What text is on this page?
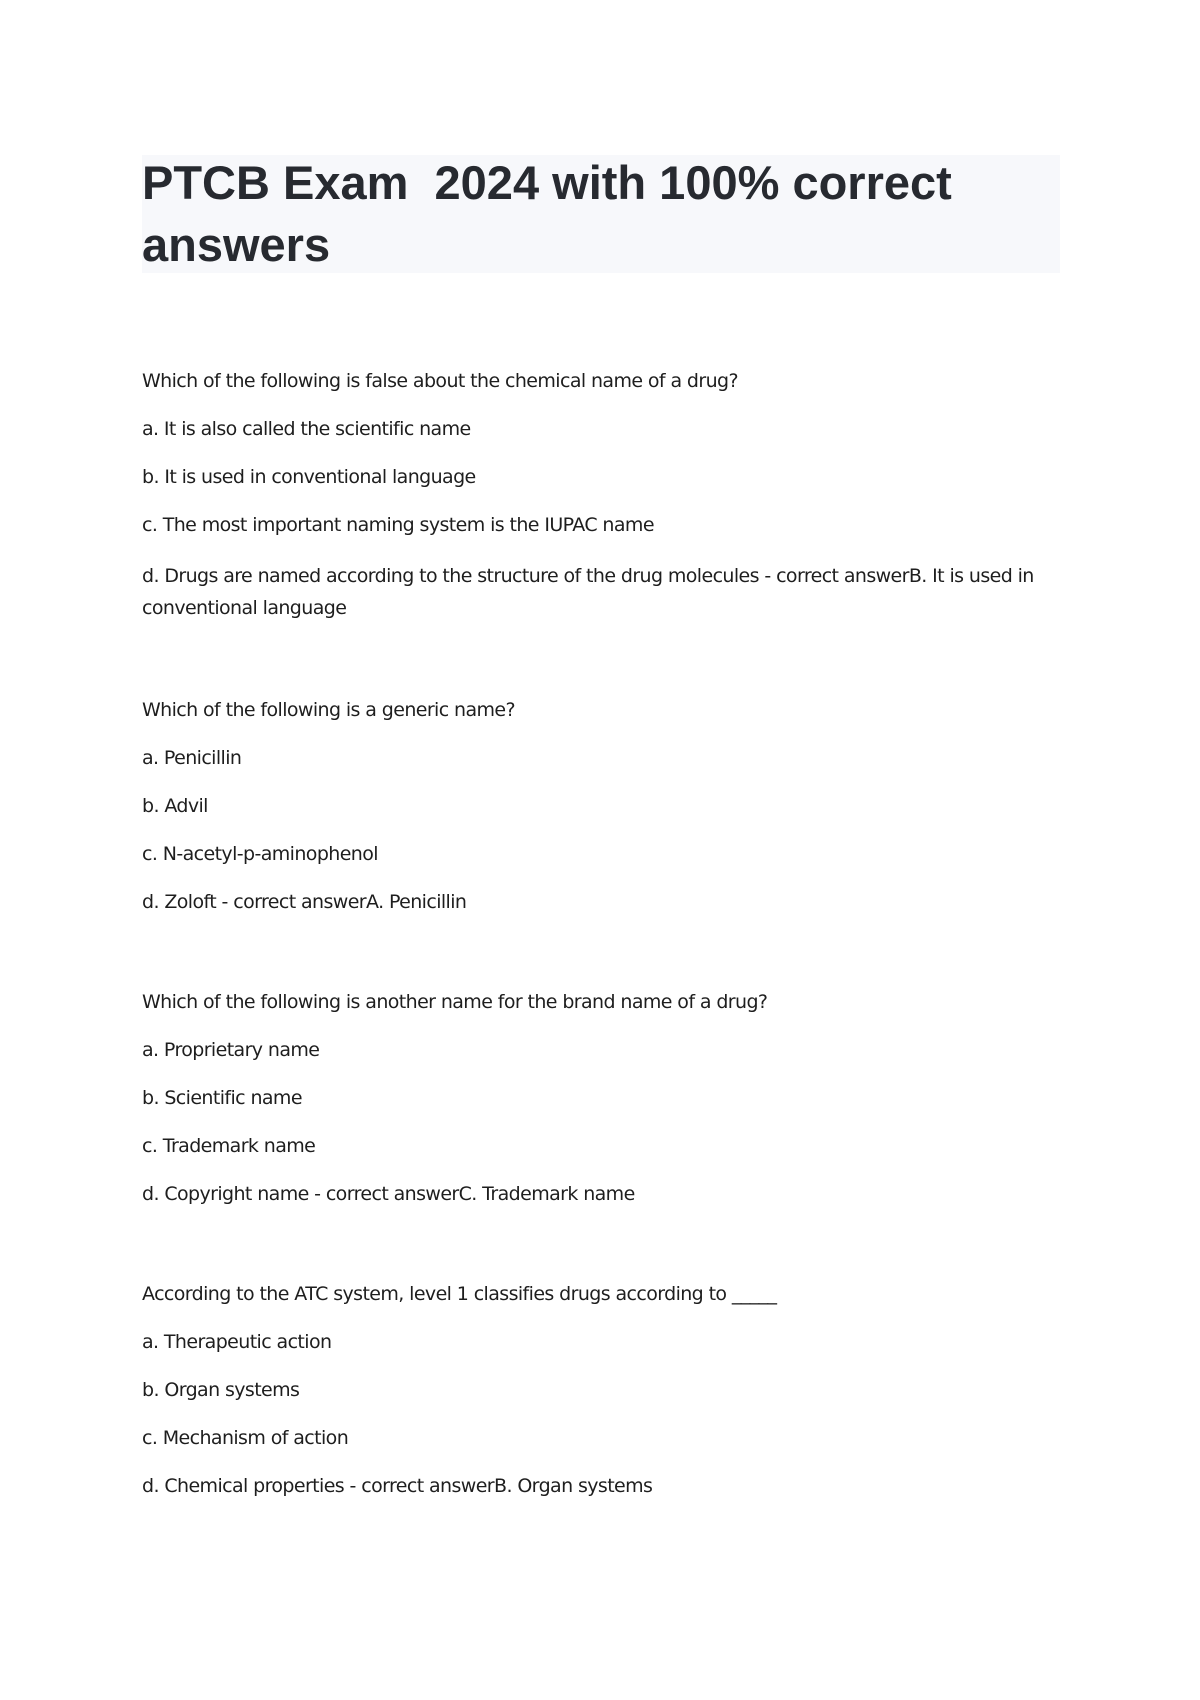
PTCB Exam  2024 with 100% correct answers

Which of the following is false about the chemical name of a drug?

a. It is also called the scientific name

b. It is used in conventional language

c. The most important naming system is the IUPAC name

d. Drugs are named according to the structure of the drug molecules - correct answerB. It is used in conventional language

Which of the following is a generic name?

a. Penicillin

b. Advil

c. N-acetyl-p-aminophenol

d. Zoloft - correct answerA. Penicillin

Which of the following is another name for the brand name of a drug?

a. Proprietary name

b. Scientific name

c. Trademark name

d. Copyright name - correct answerC. Trademark name

According to the ATC system, level 1 classifies drugs according to _____

a. Therapeutic action

b. Organ systems

c. Mechanism of action

d. Chemical properties - correct answerB. Organ systems
